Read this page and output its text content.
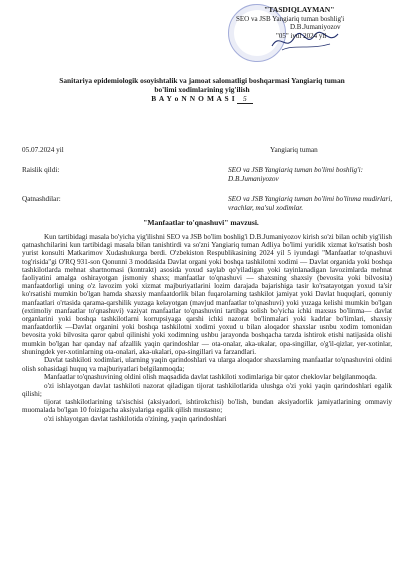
"TASDIQLAYMAN"
SEO va JSB Yangiariq tuman boshlig'i
D.B.Jumaniyozov
"05" iyul 2024 yil
Sanitariya epidemiologik osoyishtalik va jamoat salomatligi boshqarmasi Yangiariq tuman
bo'limi xodimlarining yig'ilish
B A Y o N N O M A S I 5
05.07.2024 yil	Yangiariq tuman
Raislik qildi:	SEO va JSB Yangiariq tuman bo'limi boshlig'i: D.B.Jumaniyozov
Qatnashdilar:	SEO va JSB Yangiariq tuman bo'limi bo'linma mudirlari, vrachlar, ma'sul xodimlar.
"Manfaatlar to'qnashuvi" mavzusi.

Kun tartibidagi masala bo'yicha yig'ilishni SEO va JSB bo'lim boshlig'i D.B.Jumaniyozov kirish so'zi bilan ochib yig'ilish qatnashchilarini kun tartibidagi masala bilan tanishtirdi va so'zni Yangiariq tuman Adliya bo'limi yuridik xizmat ko'rsatish bosh yurist konsulti Matkarimov Xudashukurga berdi. O'zbekiston Respublikasining 2024 yil 5 iyundagi "Manfaatlar to'qnashuvi tog'risida"gi O'RQ 931-son Qonunni 3 moddasida Davlat organi yoki boshqa tashkilotni xodimi — Davlat organida yoki boshqa tashkilotlarda mehnat shartnomasi (kontrakt) asosida yoxud saylab qo'yiladigan yoki tayinlanadigan lavozimlarda mehnat faoliyatini amalga oshirayotgan jismoniy shaxs; manfaatlar to'qnashuvi — shaxsning shaxsiy (bevosita yoki bilvosita) manfaatdorligi uning o'z lavozim yoki xizmat majburiyatlarini lozim darajada bajarishiga tasir ko'rsatayotgan yoxud ta'sir ko'rsatishi mumkin bo'lgan hamda shaxsiy manfaatdorlik bilan fuqarolarning tashkilot jamiyat yoki Davlat huquqlari, qonuniy manfaatlari o'rtasida qarama-qarshilik yuzaga kelayotgan (mavjud manfaatlar to'qnashuvi) yoki yuzaga kelishi mumkin bo'lgan (extimoliy manfaatlar to'qnashuvi) vaziyat manfaatlar to'qnashuvini tartibga solish bo'yicha ichki maxsus bo'linma— davlat organlarini yoki boshqa tashkilotlarni korrupsiyaga qarshi ichki nazorat bo'linmalari yoki kadrlar bo'limlari, shaxsiy manfaatdorlik —Davlat organini yoki boshqa tashkilotni xodimi yoxud u bilan aloqador shaxslar usnbu xodim tomonidan bevosita yoki bilvosita qaror qabul qilinishi yoki xodimning ushbu jarayonda boshqacha tarzda ishtirok etishi natijasida olishi mumkin bo'lgan har qanday naf afzallik yaqin qarindoshlar — ota-onalar, aka-ukalar, opa-singillar, o'g'il-qizlar, yer-xotinlar, shuningdek yer-xotinlarning ota-onalari, aka-ukalari, opa-singillari va farzandlari.

Davlat tashkiloti xodimlari, ularning yaqin qarindoshlari va ularga aloqador shaxslarning manfaatlar to'qnashuvini oldini olish sohasidagi huquq va majburiyatlari belgilanmoqda;

Manfaatlar to'qnashuvining oldini olish maqsadida davlat tashkiloti xodimlariga bir qator cheklovlar belgilanmoqda.

o'zi ishlayotgan davlat tashkiloti nazorat qiladigan tijorat tashkilotlarida ulushga o'zi yoki yaqin qarindoshlari egalik qilishi;

tijorat tashkilotlarining ta'sischisi (aksiyadori, ishtirokchisi) bo'lish, bundan aksiyadorlik jamiyatlarining ommaviy muomalada bo'lgan 10 foizigacha aksiyalariga egalik qilish mustasno;

o'zi ishlayotgan davlat tashkilotida o'zining, yaqin qarindoshlari
